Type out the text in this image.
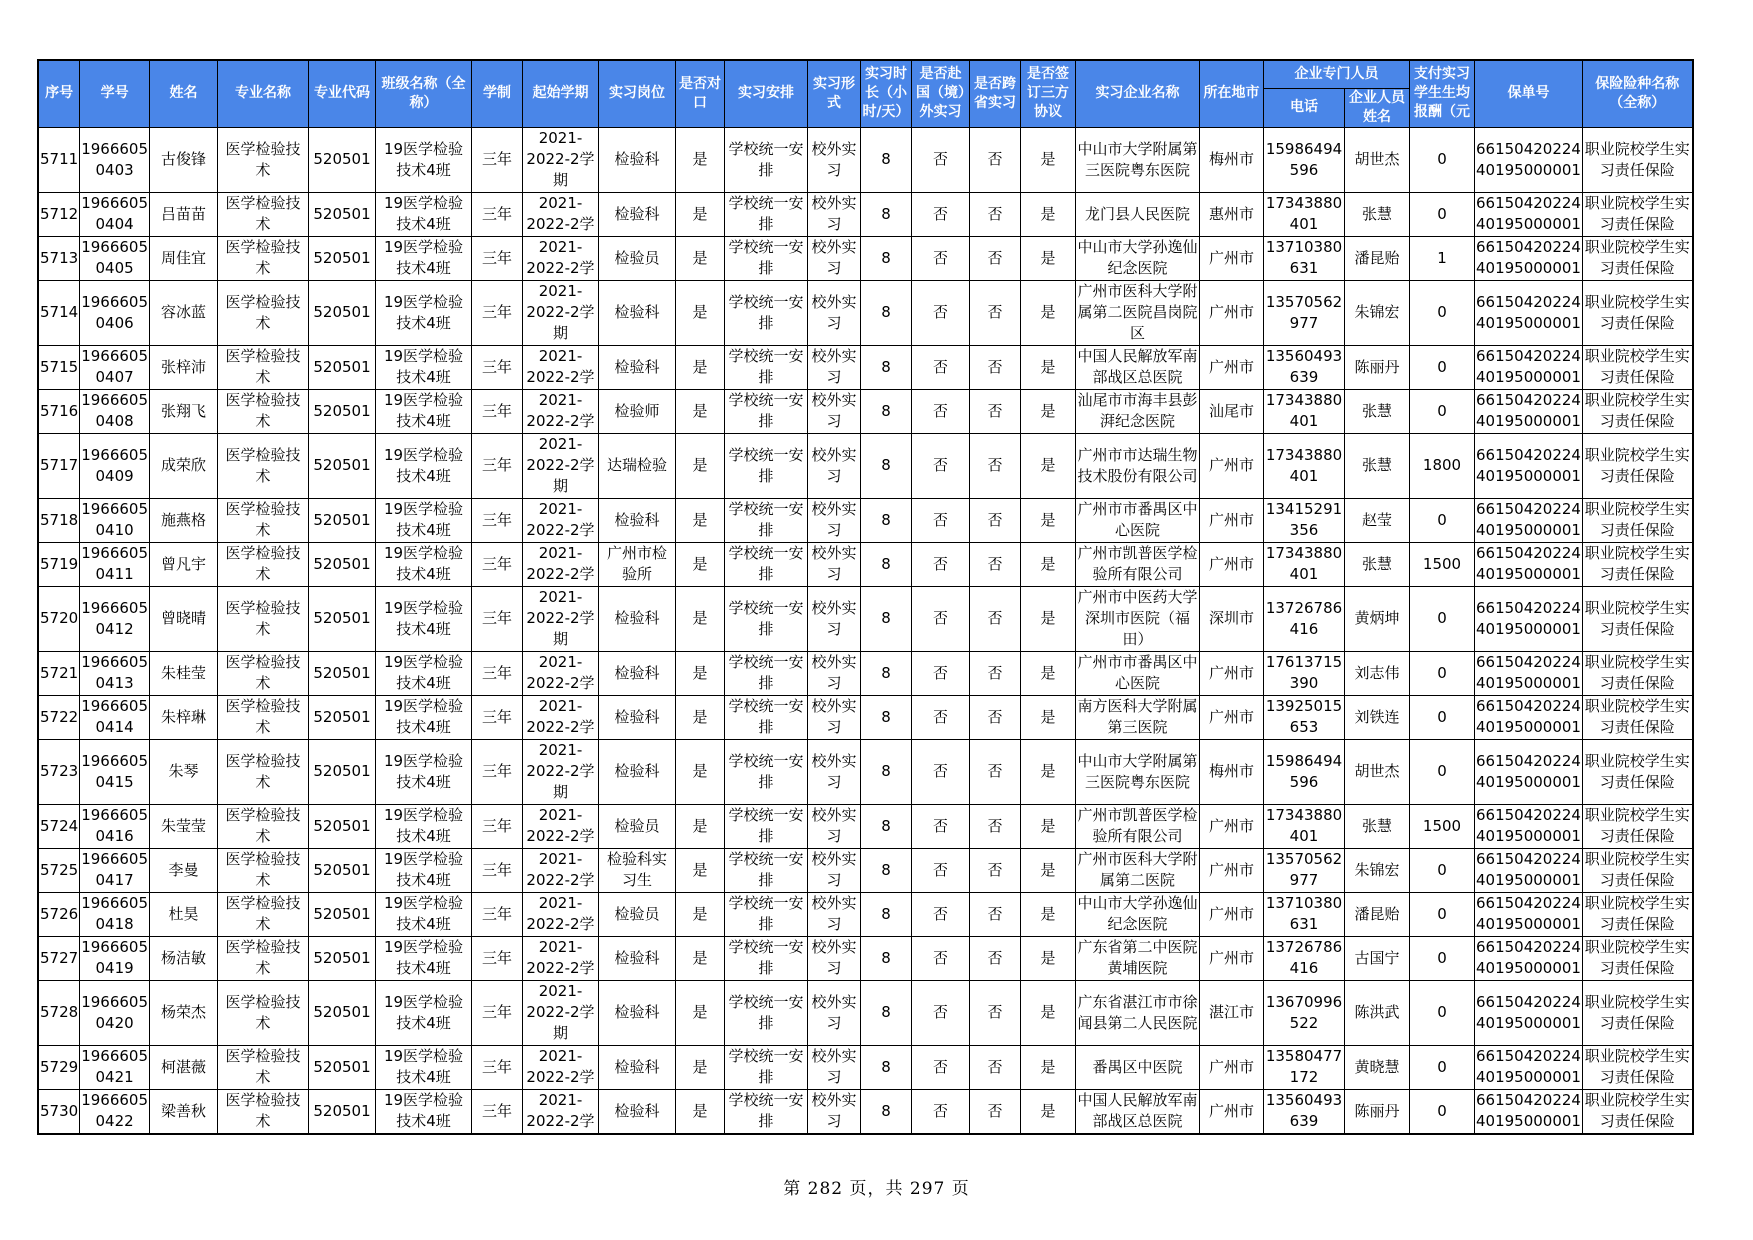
序号	学号	姓名	专业名称	专业代码	班级名称（全称）	学制	起始学期	实习岗位	是否对口	实习安排	实习形式	实习时长（小时/天）	是否赴国（境）外实习	是否跨省实习	是否签订三方协议	实习企业名称	所在地市	企业专门人员		支付实习学生生均报酬（元	保单号	保险险种名称（全称）
																		电话	企业人员姓名			
5711	1966605 0403	古俊锋	医学检验技术	520501	19医学检验技术4班	三年	2021-2022-2学期	检验科	是	学校统一安排	校外实习	8	否	否	是	中山市大学附属第三医院粤东医院	梅州市	15986494 596	胡世杰	0	66150420224 40195000001	职业院校学生实习责任保险
5712	1966605 0404	吕苗苗	医学检验技术	520501	19医学检验技术4班	三年	2021-2022-2学	检验科	是	学校统一安排	校外实习	8	否	否	是	龙门县人民医院	惠州市	17343880 401	张慧	0	66150420224 40195000001	职业院校学生实习责任保险
5713	1966605 0405	周佳宜	医学检验技术	520501	19医学检验技术4班	三年	2021-2022-2学	检验员	是	学校统一安排	校外实习	8	否	否	是	中山市大学孙逸仙纪念医院	广州市	13710380 631	潘昆贻	1	66150420224 40195000001	职业院校学生实习责任保险
5714	1966605 0406	容冰蓝	医学检验技术	520501	19医学检验技术4班	三年	2021-2022-2学期	检验科	是	学校统一安排	校外实习	8	否	否	是	广州市医科大学附属第二医院昌岗院区	广州市	13570562 977	朱锦宏	0	66150420224 40195000001	职业院校学生实习责任保险
5715	1966605 0407	张梓沛	医学检验技术	520501	19医学检验技术4班	三年	2021-2022-2学	检验科	是	学校统一安排	校外实习	8	否	否	是	中国人民解放军南部战区总医院	广州市	13560493 639	陈丽丹	0	66150420224 40195000001	职业院校学生实习责任保险
5716	1966605 0408	张翔飞	医学检验技术	520501	19医学检验技术4班	三年	2021-2022-2学	检验师	是	学校统一安排	校外实习	8	否	否	是	汕尾市市海丰县彭湃纪念医院	汕尾市	17343880 401	张慧	0	66150420224 40195000001	职业院校学生实习责任保险
5717	1966605 0409	成荣欣	医学检验技术	520501	19医学检验技术4班	三年	2021-2022-2学期	达瑞检验	是	学校统一安排	校外实习	8	否	否	是	广州市市达瑞生物技术股份有限公司	广州市	17343880 401	张慧	1800	66150420224 40195000001	职业院校学生实习责任保险
5718	1966605 0410	施燕格	医学检验技术	520501	19医学检验技术4班	三年	2021-2022-2学	检验科	是	学校统一安排	校外实习	8	否	否	是	广州市市番禺区中心医院	广州市	13415291 356	赵莹	0	66150420224 40195000001	职业院校学生实习责任保险
5719	1966605 0411	曾凡宇	医学检验技术	520501	19医学检验技术4班	三年	2021-2022-2学	广州市检验所	是	学校统一安排	校外实习	8	否	否	是	广州市凯普医学检验所有限公司	广州市	17343880 401	张慧	1500	66150420224 40195000001	职业院校学生实习责任保险
5720	1966605 0412	曾晓晴	医学检验技术	520501	19医学检验技术4班	三年	2021-2022-2学期	检验科	是	学校统一安排	校外实习	8	否	否	是	广州市中医药大学深圳市医院（福田）	深圳市	13726786 416	黄炳坤	0	66150420224 40195000001	职业院校学生实习责任保险
5721	1966605 0413	朱桂莹	医学检验技术	520501	19医学检验技术4班	三年	2021-2022-2学	检验科	是	学校统一安排	校外实习	8	否	否	是	广州市市番禺区中心医院	广州市	17613715 390	刘志伟	0	66150420224 40195000001	职业院校学生实习责任保险
5722	1966605 0414	朱梓琳	医学检验技术	520501	19医学检验技术4班	三年	2021-2022-2学	检验科	是	学校统一安排	校外实习	8	否	否	是	南方医科大学附属第三医院	广州市	13925015 653	刘铁连	0	66150420224 40195000001	职业院校学生实习责任保险
5723	1966605 0415	朱琴	医学检验技术	520501	19医学检验技术4班	三年	2021-2022-2学期	检验科	是	学校统一安排	校外实习	8	否	否	是	中山市大学附属第三医院粤东医院	梅州市	15986494 596	胡世杰	0	66150420224 40195000001	职业院校学生实习责任保险
5724	1966605 0416	朱莹莹	医学检验技术	520501	19医学检验技术4班	三年	2021-2022-2学	检验员	是	学校统一安排	校外实习	8	否	否	是	广州市凯普医学检验所有限公司	广州市	17343880 401	张慧	1500	66150420224 40195000001	职业院校学生实习责任保险
5725	1966605 0417	李曼	医学检验技术	520501	19医学检验技术4班	三年	2021-2022-2学	检验科实习生	是	学校统一安排	校外实习	8	否	否	是	广州市医科大学附属第二医院	广州市	13570562 977	朱锦宏	0	66150420224 40195000001	职业院校学生实习责任保险
5726	1966605 0418	杜昊	医学检验技术	520501	19医学检验技术4班	三年	2021-2022-2学	检验员	是	学校统一安排	校外实习	8	否	否	是	中山市大学孙逸仙纪念医院	广州市	13710380 631	潘昆贻	0	66150420224 40195000001	职业院校学生实习责任保险
5727	1966605 0419	杨洁敏	医学检验技术	520501	19医学检验技术4班	三年	2021-2022-2学	检验科	是	学校统一安排	校外实习	8	否	否	是	广东省第二中医院黄埔医院	广州市	13726786 416	古国宁	0	66150420224 40195000001	职业院校学生实习责任保险
5728	1966605 0420	杨荣杰	医学检验技术	520501	19医学检验技术4班	三年	2021-2022-2学期	检验科	是	学校统一安排	校外实习	8	否	否	是	广东省湛江市市徐闻县第二人民医院	湛江市	13670996 522	陈洪武	0	66150420224 40195000001	职业院校学生实习责任保险
5729	1966605 0421	柯湛薇	医学检验技术	520501	19医学检验技术4班	三年	2021-2022-2学	检验科	是	学校统一安排	校外实习	8	否	否	是	番禺区中医院	广州市	13580477 172	黄晓慧	0	66150420224 40195000001	职业院校学生实习责任保险
5730	1966605 0422	梁善秋	医学检验技术	520501	19医学检验技术4班	三年	2021-2022-2学	检验科	是	学校统一安排	校外实习	8	否	否	是	中国人民解放军南部战区总医院	广州市	13560493 639	陈丽丹	0	66150420224 40195000001	职业院校学生实习责任保险
第 282 页，共 297 页
